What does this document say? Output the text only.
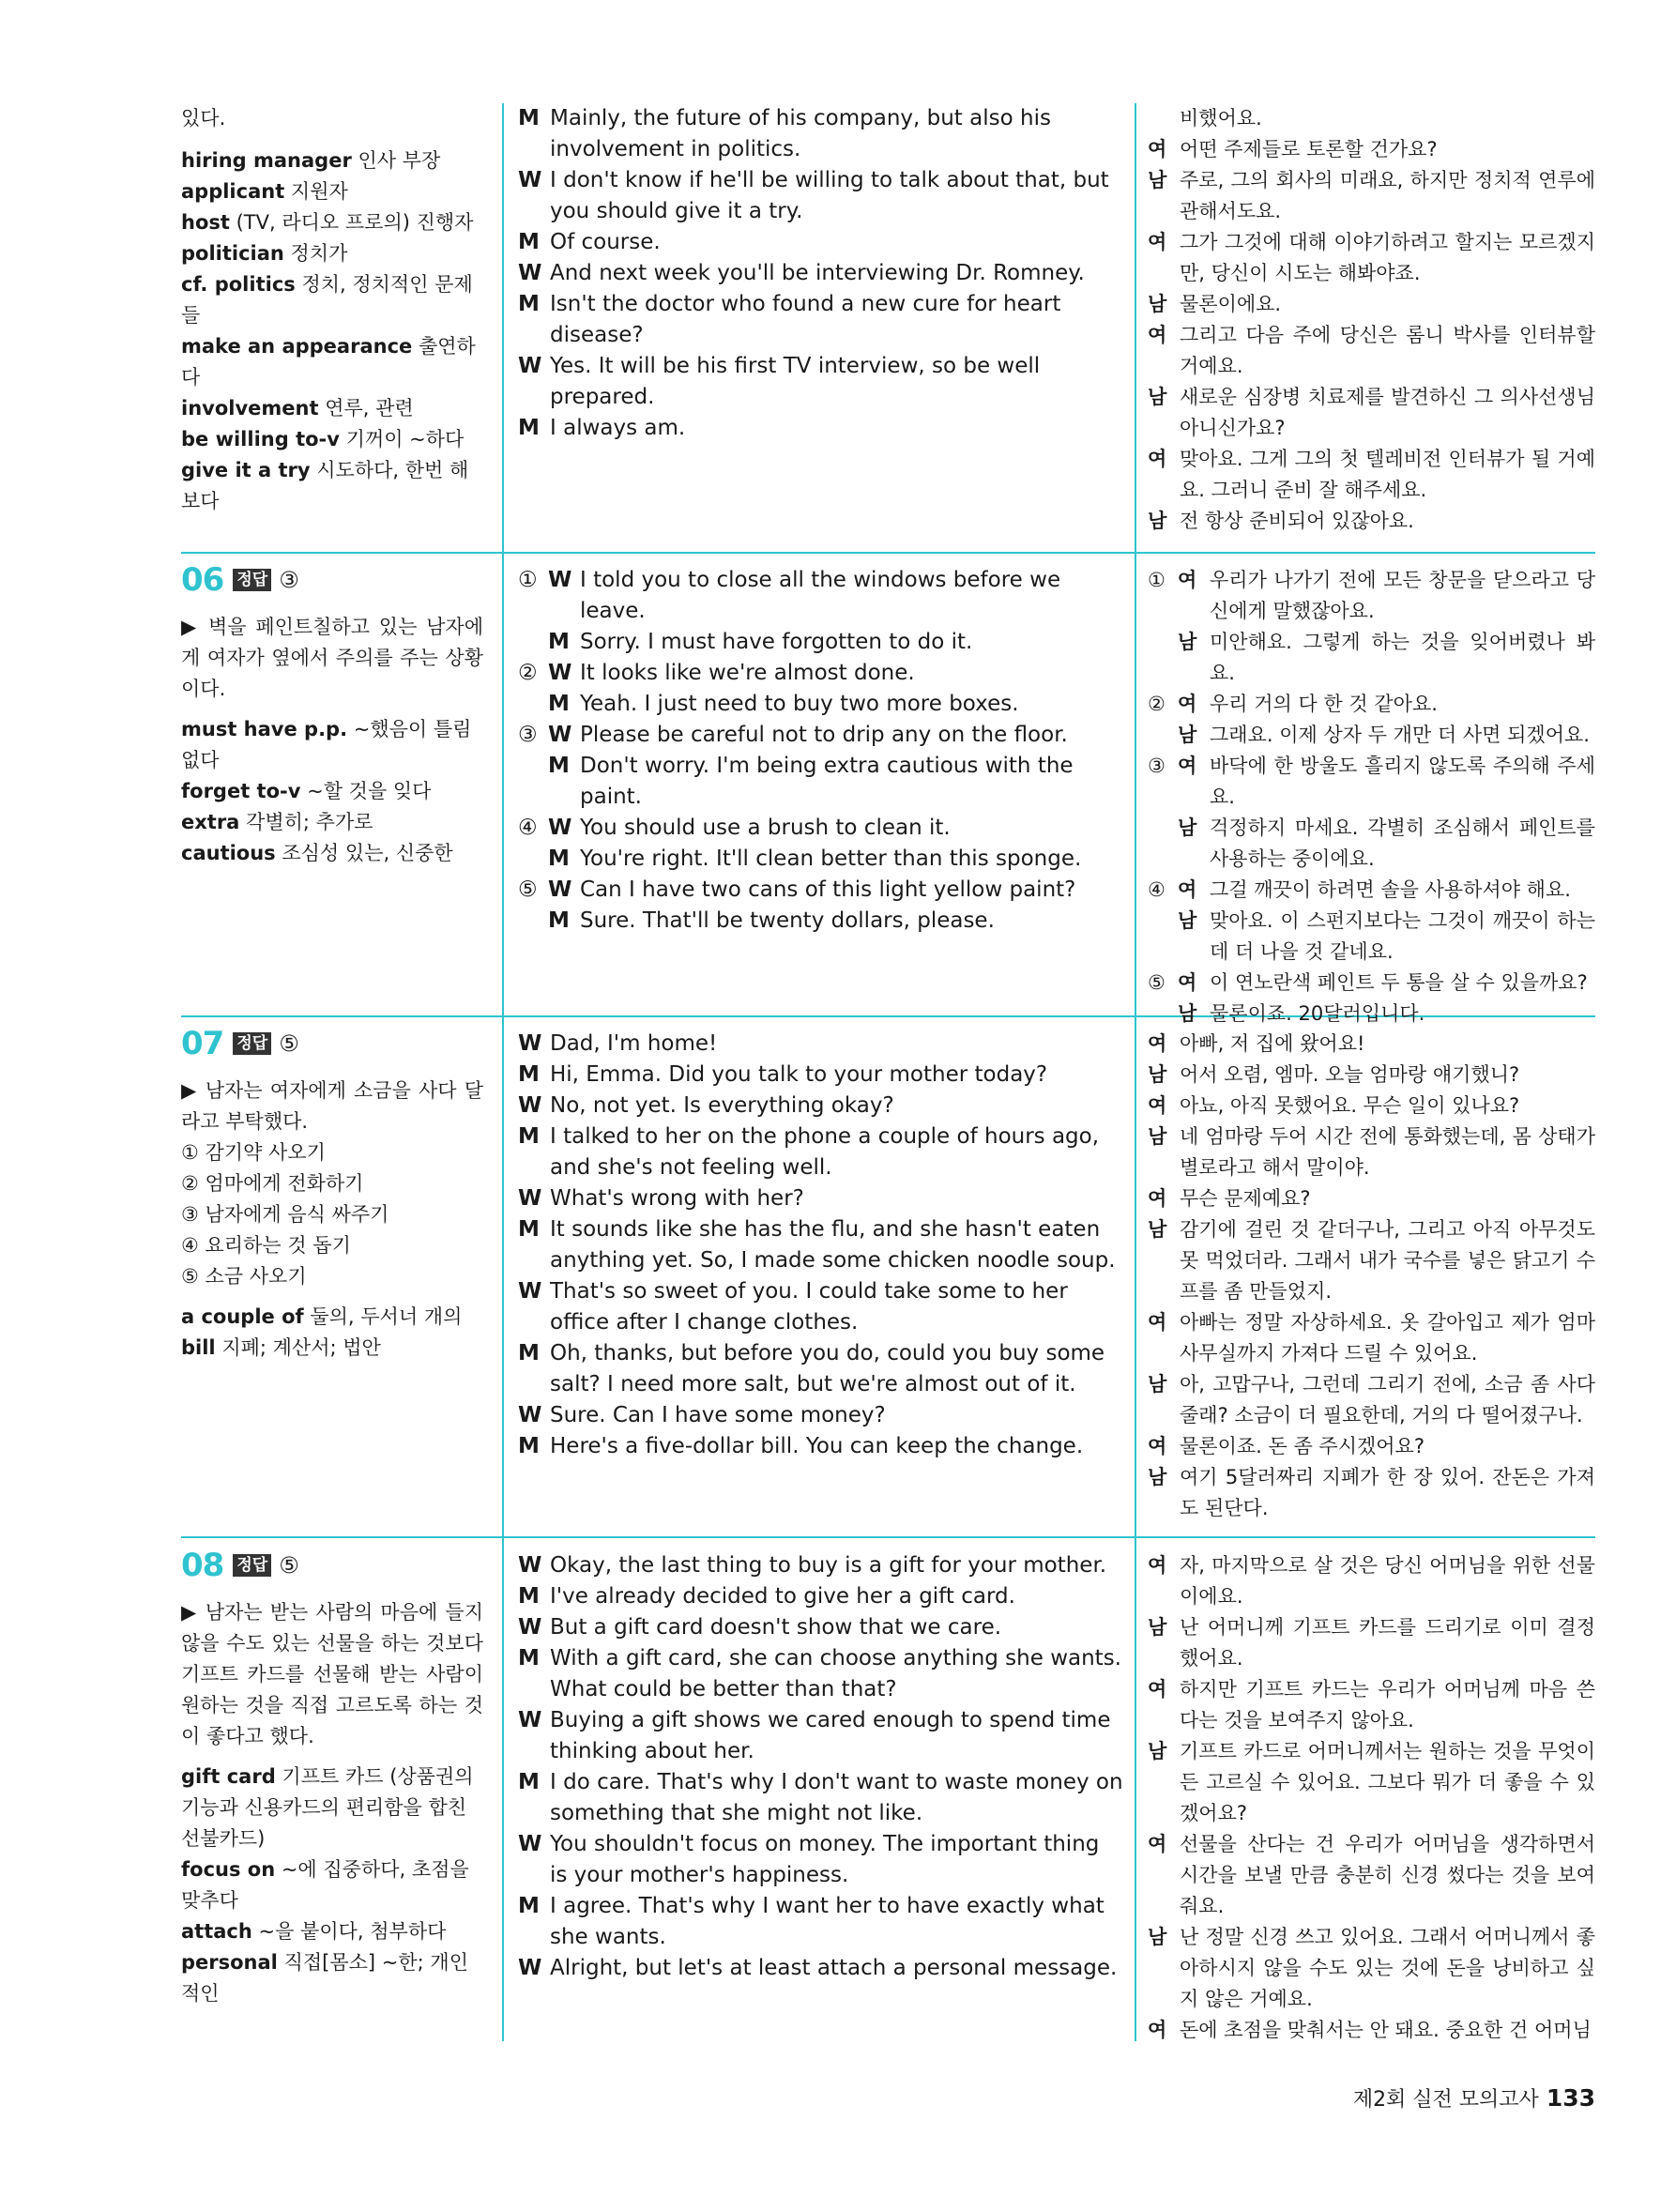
있다.
hiring manager 인사 부장
applicant 지원자
host (TV, 라디오 프로의) 진행자
politician 정치가
cf. politics 정치, 정치적인 문제들
make an appearance 출연하다
involvement 연루, 관련
be willing to-v 기꺼이 ~하다
give it a try 시도하다, 한번 해보다
M Mainly, the future of his company, but also his involvement in politics.
W I don't know if he'll be willing to talk about that, but you should give it a try.
M Of course.
W And next week you'll be interviewing Dr. Romney.
M Isn't the doctor who found a new cure for heart disease?
W Yes. It will be his first TV interview, so be well prepared.
M I always am.
비했어요.
여 어떤 주제들로 토론할 건가요?
남 주로, 그의 회사의 미래요, 하지만 정치적 연루에 관해서도요.
여 그가 그것에 대해 이야기하려고 할지는 모르겠지만, 당신이 시도는 해봐야죠.
남 물론이에요.
여 그리고 다음 주에 당신은 롬니 박사를 인터뷰할 거예요.
남 새로운 심장병 치료제를 발견하신 그 의사선생님 아니신가요?
여 맞아요. 그게 그의 첫 텔레비전 인터뷰가 될 거예요. 그러니 준비 잘 해주세요.
남 전 항상 준비되어 있잖아요.
06 정답 ③
▶ 벽을 페인트칠하고 있는 남자에게 여자가 옆에서 주의를 주는 상황이다.
must have p.p. ~했음이 틀림없다
forget to-v ~할 것을 잊다
extra 각별히; 추가로
cautious 조심성 있는, 신중한
① W I told you to close all the windows before we leave.
M Sorry. I must have forgotten to do it.
② W It looks like we're almost done.
M Yeah. I just need to buy two more boxes.
③ W Please be careful not to drip any on the floor.
M Don't worry. I'm being extra cautious with the paint.
④ W You should use a brush to clean it.
M You're right. It'll clean better than this sponge.
⑤ W Can I have two cans of this light yellow paint?
M Sure. That'll be twenty dollars, please.
① 여 우리가 나가기 전에 모든 창문을 닫으라고 당신에게 말했잖아요.
남 미안해요. 그렇게 하는 것을 잊어버렸나 봐요.
② 여 우리 거의 다 한 것 같아요.
남 그래요. 이제 상자 두 개만 더 사면 되겠어요.
③ 여 바닥에 한 방울도 흘리지 않도록 주의해 주세요.
남 걱정하지 마세요. 각별히 조심해서 페인트를 사용하는 중이에요.
④ 여 그걸 깨끗이 하려면 솔을 사용하셔야 해요.
남 맞아요. 이 스펀지보다는 그것이 깨끗이 하는 데 더 나을 것 같네요.
⑤ 여 이 연노란색 페인트 두 통을 살 수 있을까요?
남 물론이죠. 20달러입니다.
07 정답 ⑤
▶ 남자는 여자에게 소금을 사다 달라고 부탁했다.
① 감기약 사오기
② 엄마에게 전화하기
③ 남자에게 음식 싸주기
④ 요리하는 것 돕기
⑤ 소금 사오기
a couple of 둘의, 두서너 개의
bill 지폐; 계산서; 법안
W Dad, I'm home!
M Hi, Emma. Did you talk to your mother today?
W No, not yet. Is everything okay?
M I talked to her on the phone a couple of hours ago, and she's not feeling well.
W What's wrong with her?
M It sounds like she has the flu, and she hasn't eaten anything yet. So, I made some chicken noodle soup.
W That's so sweet of you. I could take some to her office after I change clothes.
M Oh, thanks, but before you do, could you buy some salt? I need more salt, but we're almost out of it.
W Sure. Can I have some money?
M Here's a five-dollar bill. You can keep the change.
여 아빠, 저 집에 왔어요!
남 어서 오렴, 엠마. 오늘 엄마랑 얘기했니?
여 아뇨, 아직 못했어요. 무슨 일이 있나요?
남 네 엄마랑 두어 시간 전에 통화했는데, 몸 상태가 별로라고 해서 말이야.
여 무슨 문제예요?
남 감기에 걸린 것 같더구나, 그리고 아직 아무것도 못 먹었더라. 그래서 내가 국수를 넣은 닭고기 수프를 좀 만들었지.
여 아빠는 정말 자상하세요. 옷 갈아입고 제가 엄마 사무실까지 가져다 드릴 수 있어요.
남 아, 고맙구나, 그런데 그리기 전에, 소금 좀 사다 줄래? 소금이 더 필요한데, 거의 다 떨어졌구나.
여 물론이죠. 돈 좀 주시겠어요?
남 여기 5달러짜리 지폐가 한 장 있어. 잔돈은 가져도 된단다.
08 정답 ⑤
▶ 남자는 받는 사람의 마음에 들지 않을 수도 있는 선물을 하는 것보다 기프트 카드를 선물해 받는 사람이 원하는 것을 직접 고르도록 하는 것이 좋다고 했다.
gift card 기프트 카드 (상품권의 기능과 신용카드의 편리함을 합친 선불카드)
focus on ~에 집중하다, 초점을 맞추다
attach ~을 붙이다, 첨부하다
personal 직접[몸소] ~한; 개인적인
W Okay, the last thing to buy is a gift for your mother.
M I've already decided to give her a gift card.
W But a gift card doesn't show that we care.
M With a gift card, she can choose anything she wants. What could be better than that?
W Buying a gift shows we cared enough to spend time thinking about her.
M I do care. That's why I don't want to waste money on something that she might not like.
W You shouldn't focus on money. The important thing is your mother's happiness.
M I agree. That's why I want her to have exactly what she wants.
W Alright, but let's at least attach a personal message.
여 자, 마지막으로 살 것은 당신 어머님을 위한 선물이에요.
남 난 어머니께 기프트 카드를 드리기로 이미 결정했어요.
여 하지만 기프트 카드는 우리가 어머님께 마음 쓴다는 것을 보여주지 않아요.
남 기프트 카드로 어머니께서는 원하는 것을 무엇이든 고르실 수 있어요. 그보다 뭐가 더 좋을 수 있겠어요?
여 선물을 산다는 건 우리가 어머님을 생각하면서 시간을 보낼 만큼 충분히 신경 썼다는 것을 보여줘요.
남 난 정말 신경 쓰고 있어요. 그래서 어머니께서 좋아하시지 않을 수도 있는 것에 돈을 낭비하고 싶지 않은 거예요.
여 돈에 초점을 맞춰서는 안 돼요. 중요한 건 어머님
제2회 실전 모의고사 133
